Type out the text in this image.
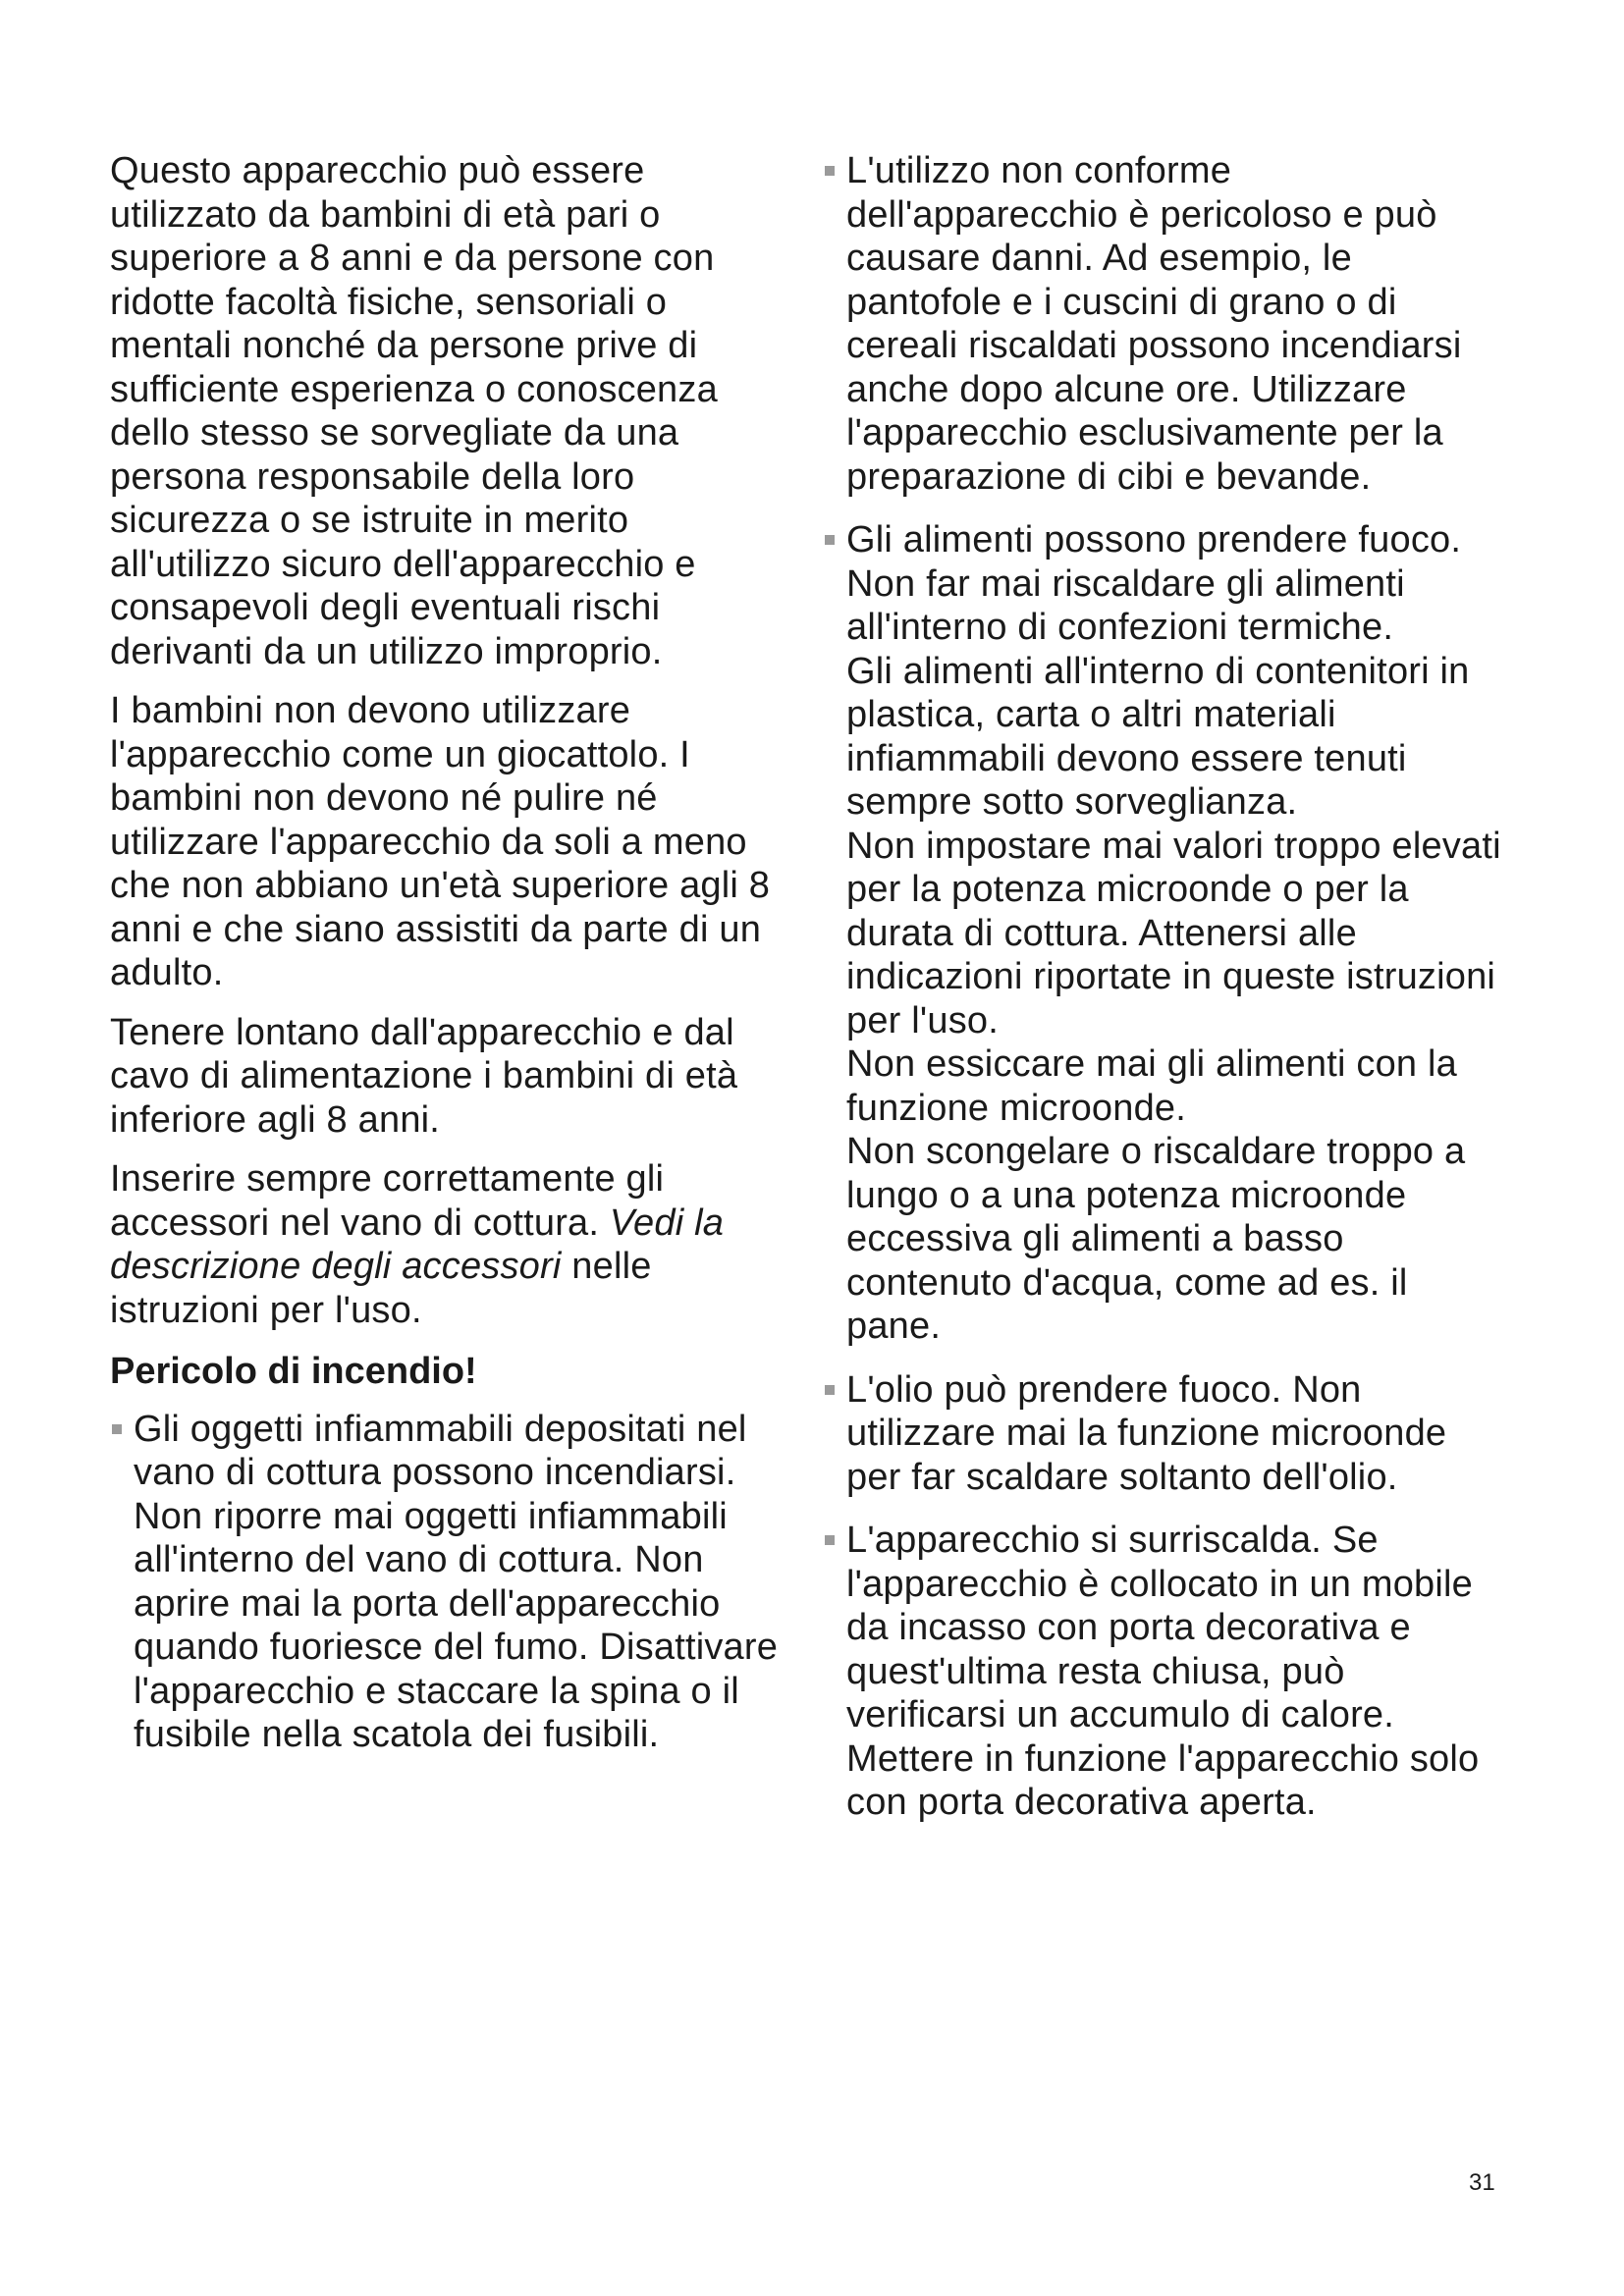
Questo apparecchio può essere utilizzato da bambini di età pari o superiore a 8 anni e da persone con ridotte facoltà fisiche, sensoriali o mentali nonché da persone prive di sufficiente esperienza o conoscenza dello stesso se sorvegliate da una persona responsabile della loro sicurezza o se istruite in merito all'utilizzo sicuro dell'apparecchio e consapevoli degli eventuali rischi derivanti da un utilizzo improprio.

I bambini non devono utilizzare l'apparecchio come un giocattolo. I bambini non devono né pulire né utilizzare l'apparecchio da soli a meno che non abbiano un'età superiore agli 8 anni e che siano assistiti da parte di un adulto.

Tenere lontano dall'apparecchio e dal cavo di alimentazione i bambini di età inferiore agli 8 anni.

Inserire sempre correttamente gli accessori nel vano di cottura. Vedi la descrizione degli accessori nelle istruzioni per l'uso.

Pericolo di incendio!
Gli oggetti infiammabili depositati nel vano di cottura possono incendiarsi. Non riporre mai oggetti infiammabili all'interno del vano di cottura. Non aprire mai la porta dell'apparecchio quando fuoriesce del fumo. Disattivare l'apparecchio e staccare la spina o il fusibile nella scatola dei fusibili.
L'utilizzo non conforme dell'apparecchio è pericoloso e può causare danni. Ad esempio, le pantofole e i cuscini di grano o di cereali riscaldati possono incendiarsi anche dopo alcune ore. Utilizzare l'apparecchio esclusivamente per la preparazione di cibi e bevande.
Gli alimenti possono prendere fuoco. Non far mai riscaldare gli alimenti all'interno di confezioni termiche.
Gli alimenti all'interno di contenitori in plastica, carta o altri materiali infiammabili devono essere tenuti sempre sotto sorveglianza.
Non impostare mai valori troppo elevati per la potenza microonde o per la durata di cottura. Attenersi alle indicazioni riportate in queste istruzioni per l'uso.
Non essiccare mai gli alimenti con la funzione microonde.
Non scongelare o riscaldare troppo a lungo o a una potenza microonde eccessiva gli alimenti a basso contenuto d'acqua, come ad es. il pane.
L'olio può prendere fuoco. Non utilizzare mai la funzione microonde per far scaldare soltanto dell'olio.
L'apparecchio si surriscalda. Se l'apparecchio è collocato in un mobile da incasso con porta decorativa e quest'ultima resta chiusa, può verificarsi un accumulo di calore. Mettere in funzione l'apparecchio solo con porta decorativa aperta.
31
